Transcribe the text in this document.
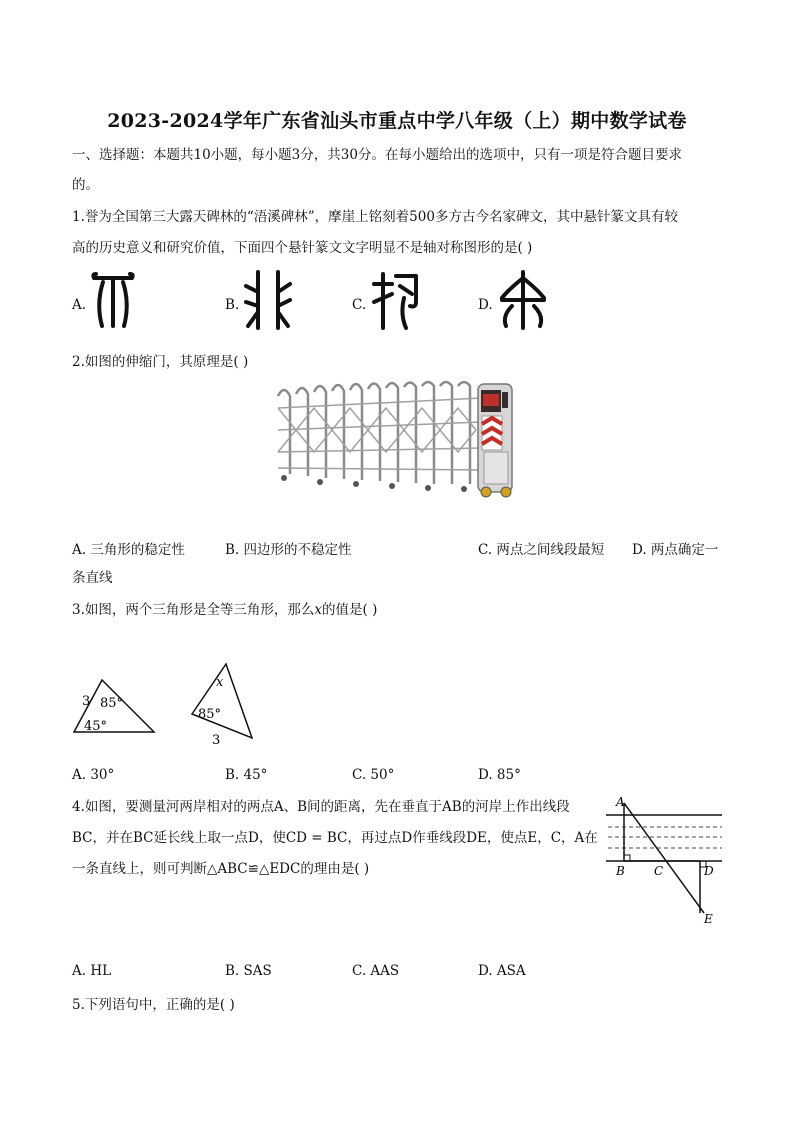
2023-2024学年广东省汕头市重点中学八年级（上）期中数学试卷
一、选择题：本题共10小题，每小题3分，共30分。在每小题给出的选项中，只有一项是符合题目要求
的。
1.誉为全国第三大露天碑林的“浯溪碑林”，摩崖上铭刻着500多方古今名家碑文，其中悬针篆文具有较
高的历史意义和研究价值，下面四个悬针篆文文字明显不是轴对称图形的是( )
A.	B.	C.	D.
2.如图的伸缩门，其原理是( )
A. 三角形的稳定性	B. 四边形的不稳定性	C. 两点之间线段最短 D. 两点确定一
条直线
3.如图，两个三角形是全等三角形，那么x的值是( )
3 85°
45°
x
85°
3
A. 30°	B. 45°	C. 50°	D. 85°
4.如图，要测量河两岸相对的两点A、B间的距离，先在垂直于AB的河岸上作出线段
BC，并在BC延长线上取一点D，使CD = BC，再过点D作垂线段DE，使点E，C，A在
一条直线上，则可判断△ABC≌△EDC的理由是( )
A
B C	D
E
A. HL	B. SAS	C. AAS	D. ASA
5.下列语句中，正确的是( )
